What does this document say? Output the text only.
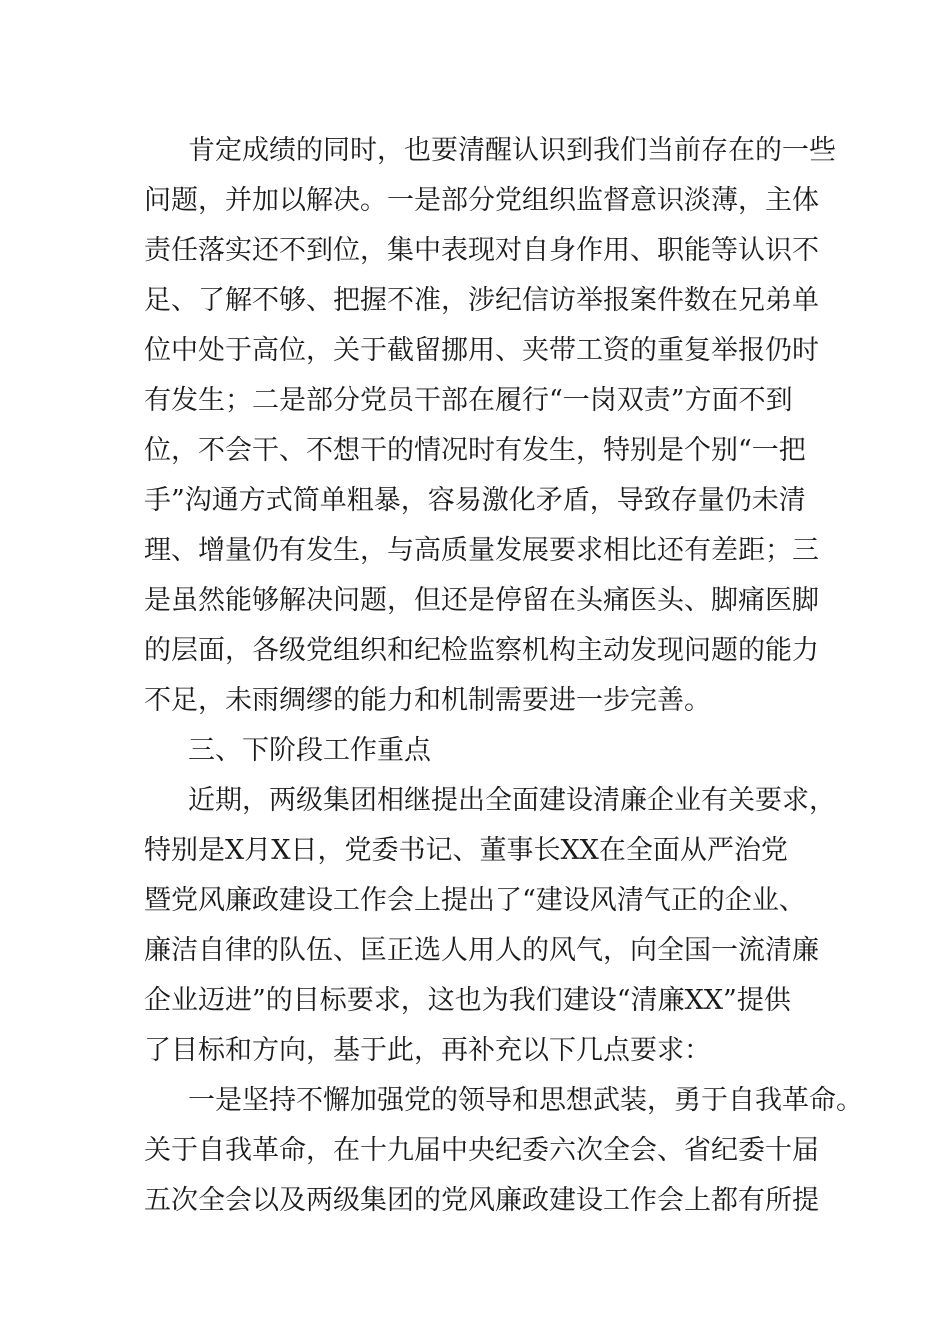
肯定成绩的同时，也要清醒认识到我们当前存在的一些
问题，并加以解决。一是部分党组织监督意识淡薄，主体
责任落实还不到位，集中表现对自身作用、职能等认识不
足、了解不够、把握不准，涉纪信访举报案件数在兄弟单
位中处于高位，关于截留挪用、夹带工资的重复举报仍时
有发生；二是部分党员干部在履行“一岗双责”方面不到
位，不会干、不想干的情况时有发生，特别是个别“一把
手”沟通方式简单粗暴，容易激化矛盾，导致存量仍未清
理、增量仍有发生，与高质量发展要求相比还有差距；三
是虽然能够解决问题，但还是停留在头痛医头、脚痛医脚
的层面，各级党组织和纪检监察机构主动发现问题的能力
不足，未雨绸缪的能力和机制需要进一步完善。
三、下阶段工作重点
近期，两级集团相继提出全面建设清廉企业有关要求，
特别是X月X日，党委书记、董事长XX在全面从严治党
暨党风廉政建设工作会上提出了“建设风清气正的企业、
廉洁自律的队伍、匡正选人用人的风气，向全国一流清廉
企业迈进”的目标要求，这也为我们建设“清廉XX”提供
了目标和方向，基于此，再补充以下几点要求：
一是坚持不懈加强党的领导和思想武装，勇于自我革命。
关于自我革命，在十九届中央纪委六次全会、省纪委十届
五次全会以及两级集团的党风廉政建设工作会上都有所提
